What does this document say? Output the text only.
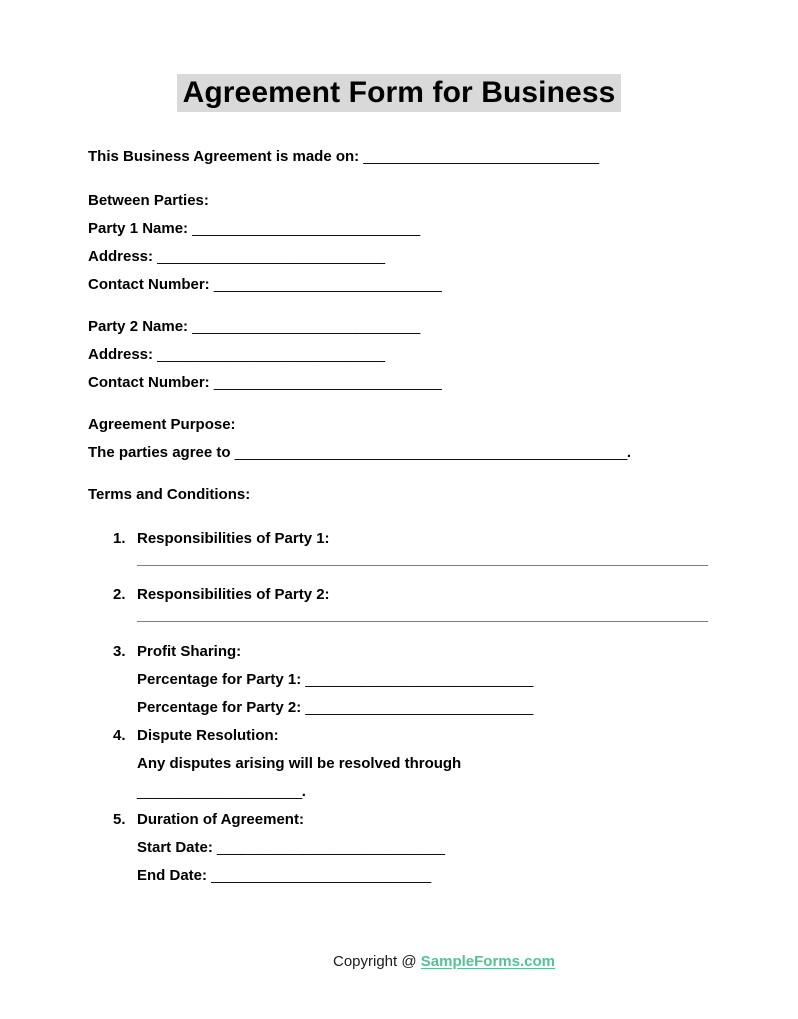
Agreement Form for Business
This Business Agreement is made on: ______________________________
Between Parties:
Party 1 Name: _____________________________
Address: _____________________________
Contact Number: _____________________________
Party 2 Name: _____________________________
Address: _____________________________
Contact Number: _____________________________
Agreement Purpose:
The parties agree to __________________________________________________.
Terms and Conditions:
1. Responsibilities of Party 1:
2. Responsibilities of Party 2:
3. Profit Sharing:
Percentage for Party 1: _____________________________
Percentage for Party 2: _____________________________
4. Dispute Resolution:
Any disputes arising will be resolved through
_____________________.
5. Duration of Agreement:
Start Date: _____________________________
End Date: ____________________________
Copyright @ SampleForms.com
